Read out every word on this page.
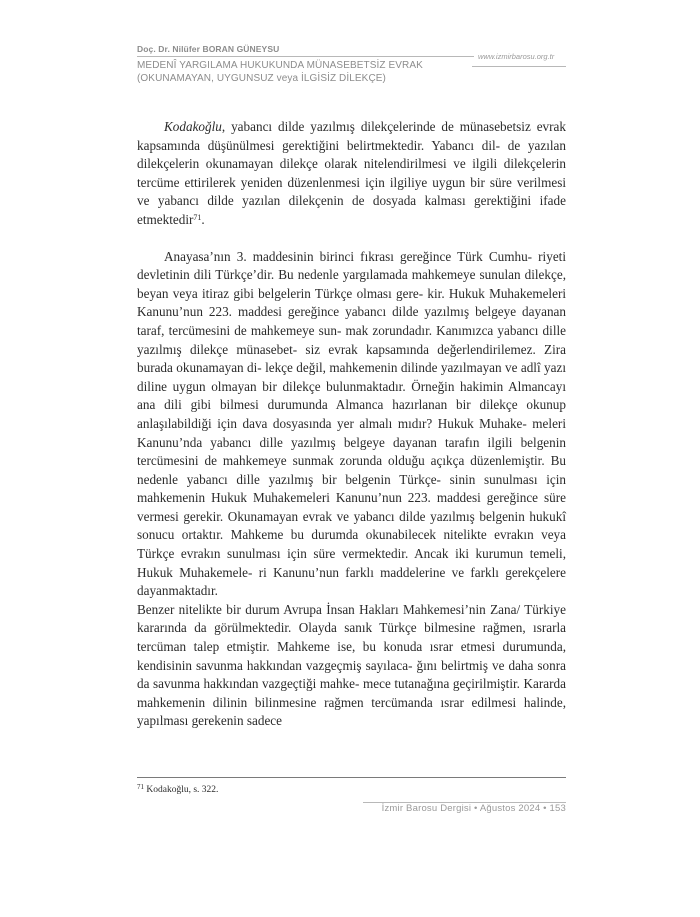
Doç. Dr. Nilüfer BORAN GÜNEYSU
www.izmirbarosu.org.tr
MEDENÎ YARGILAMA HUKUKUNDA MÜNASEBETSİZ EVRAK
(OKUNAMAYAN, UYGUNSUZ veya İLGİSİZ DİLEKÇE)

Kodakoğlu, yabancı dilde yazılmış dilekçelerinde de münasebetsiz evrak kapsamında düşünülmesi gerektiğini belirtmektedir. Yabancı dil- de yazılan dilekçelerin okunamayan dilekçe olarak nitelendirilmesi ve ilgili dilekçelerin tercüme ettirilerek yeniden düzenlenmesi için ilgiliye uygun bir süre verilmesi ve yabancı dilde yazılan dilekçenin de dosyada kalması gerektiğini ifade etmektedir$^{71}$.

Anayasa’nın 3. maddesinin birinci fıkrası gereğince Türk Cumhu- riyeti devletinin dili Türkçe’dir. Bu nedenle yargılamada mahkemeye sunulan dilekçe, beyan veya itiraz gibi belgelerin Türkçe olması gere- kir. Hukuk Muhakemeleri Kanunu’nun 223. maddesi gereğince yabancı dilde yazılmış belgeye dayanan taraf, tercümesini de mahkemeye sun- mak zorundadır. Kanımızca yabancı dille yazılmış dilekçe münasebet- siz evrak kapsamında değerlendirilemez. Zira burada okunamayan di- lekçe değil, mahkemenin dilinde yazılmayan ve adlî yazı diline uygun olmayan bir dilekçe bulunmaktadır. Örneğin hakimin Almancayı ana dili gibi bilmesi durumunda Almanca hazırlanan bir dilekçe okunup anlaşılabildiği için dava dosyasında yer almalı mıdır? Hukuk Muhake- meleri Kanunu’nda yabancı dille yazılmış belgeye dayanan tarafın ilgili belgenin tercümesini de mahkemeye sunmak zorunda olduğu açıkça düzenlemiştir. Bu nedenle yabancı dille yazılmış bir belgenin Türkçe- sinin sunulması için mahkemenin Hukuk Muhakemeleri Kanunu’nun 223. maddesi gereğince süre vermesi gerekir. Okunamayan evrak ve yabancı dilde yazılmış belgenin hukukî sonucu ortaktır. Mahkeme bu durumda okunabilecek nitelikte evrakın veya Türkçe evrakın sunulması için süre vermektedir. Ancak iki kurumun temeli, Hukuk Muhakemele- ri Kanunu’nun farklı maddelerine ve farklı gerekçelere dayanmaktadır.

Benzer nitelikte bir durum Avrupa İnsan Hakları Mahkemesi’nin Zana/ Türkiye kararında da görülmektedir. Olayda sanık Türkçe bilmesine rağmen, ısrarla tercüman talep etmiştir. Mahkeme ise, bu konuda ısrar etmesi durumunda, kendisinin savunma hakkından vazgeçmiş sayılaca- ğını belirtmiş ve daha sonra da savunma hakkından vazgeçtiği mahke- mece tutanağına geçirilmiştir. Kararda mahkemenin dilinin bilinmesine rağmen tercümanda ısrar edilmesi halinde, yapılması gerekenin sadece

$^{71}$ Kodakoğlu, s. 322.
İzmir Barosu Dergisi • Ağustos 2024 • 153
